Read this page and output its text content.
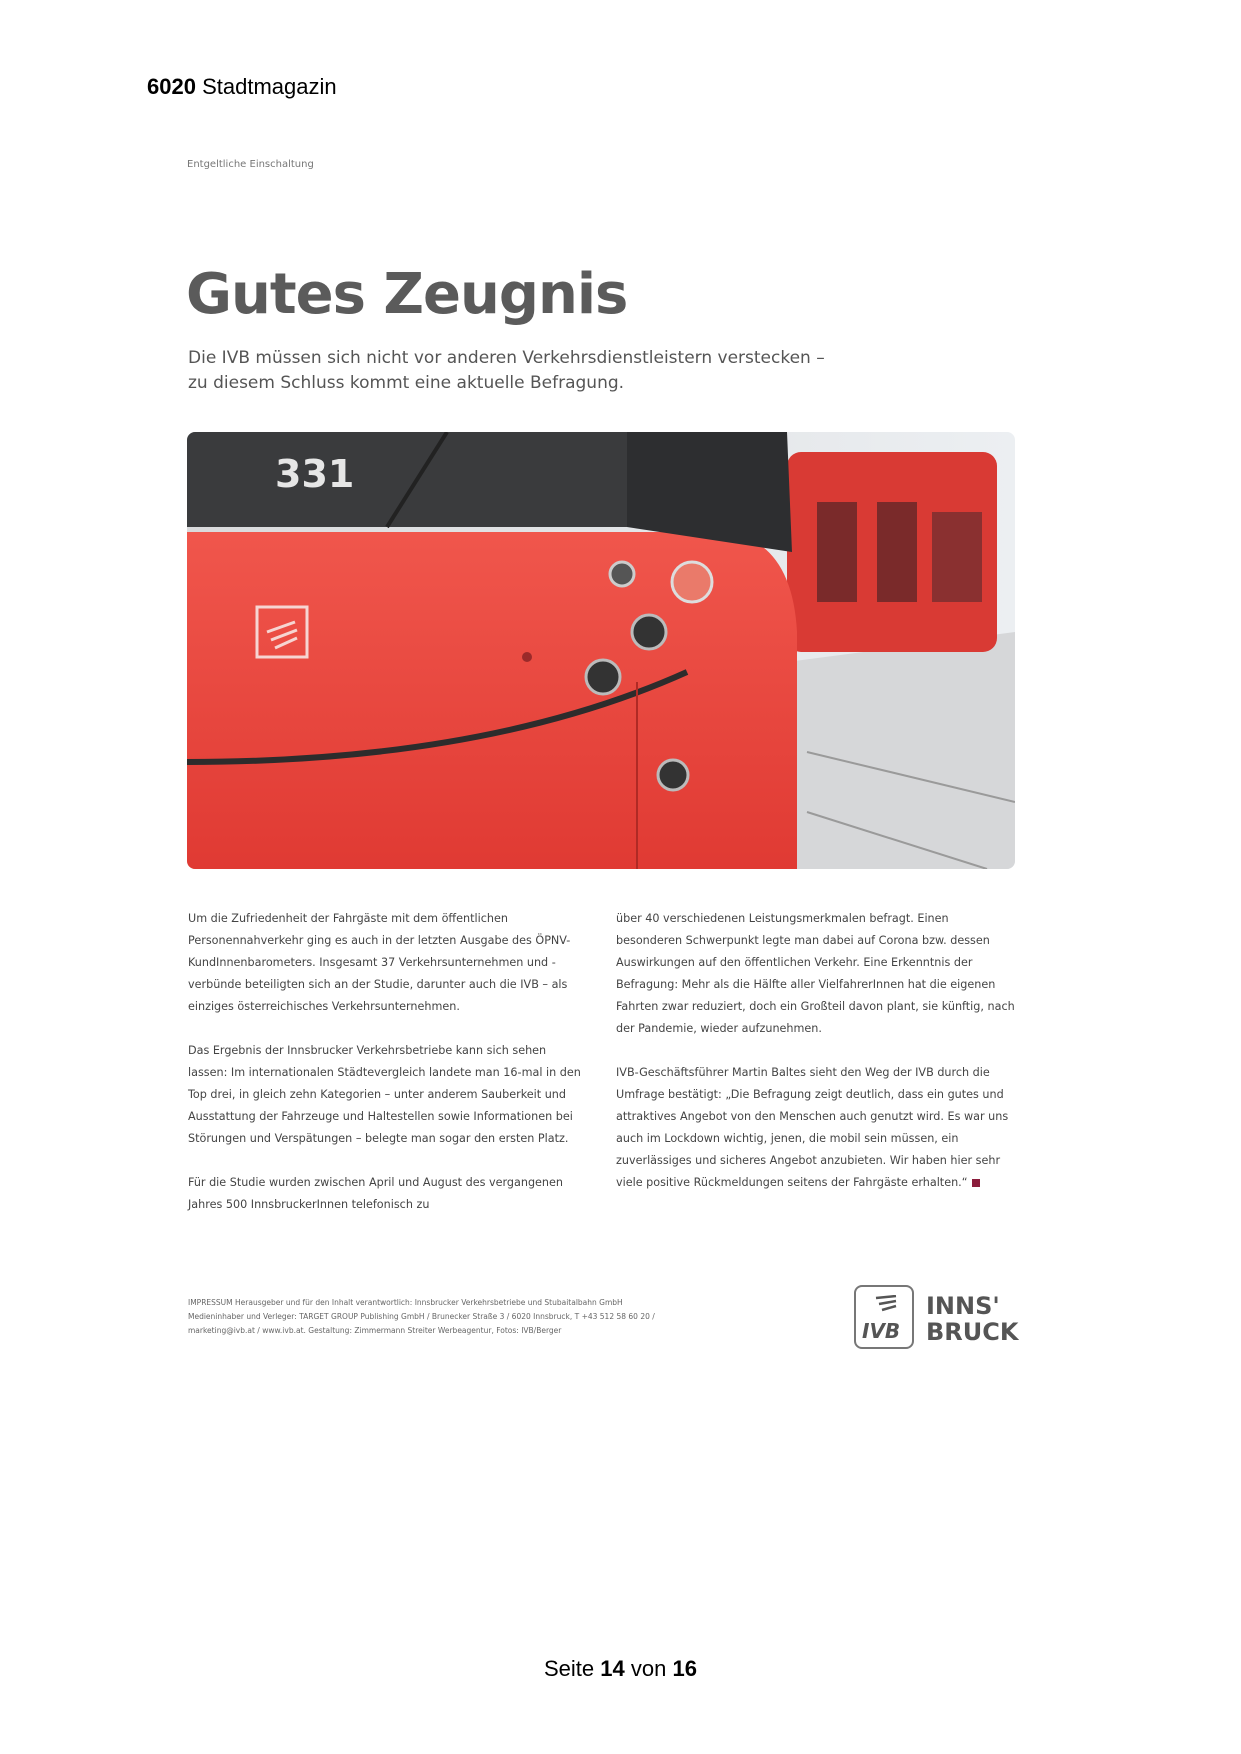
6020 Stadtmagazin
Entgeltliche Einschaltung
Gutes Zeugnis
Die IVB müssen sich nicht vor anderen Verkehrsdienstleistern verstecken –
zu diesem Schluss kommt eine aktuelle Befragung.
331

Um die Zufriedenheit der Fahrgäste mit dem öffentlichen Personennahverkehr ging es auch in der letzten Ausgabe des ÖPNV-KundInnenbarometers. Insgesamt 37 Verkehrsunternehmen und -verbünde beteiligten sich an der Studie, darunter auch die IVB – als einziges österreichisches Verkehrsunternehmen.

Das Ergebnis der Innsbrucker Verkehrsbetriebe kann sich sehen lassen: Im internationalen Städtevergleich landete man 16-mal in den Top drei, in gleich zehn Kategorien – unter anderem Sauberkeit und Ausstattung der Fahrzeuge und Haltestellen sowie Informationen bei Störungen und Verspätungen – belegte man sogar den ersten Platz.

Für die Studie wurden zwischen April und August des vergangenen Jahres 500 InnsbruckerInnen telefonisch zu

über 40 verschiedenen Leistungsmerkmalen befragt. Einen besonderen Schwerpunkt legte man dabei auf Corona bzw. dessen Auswirkungen auf den öffentlichen Verkehr. Eine Erkenntnis der Befragung: Mehr als die Hälfte aller VielfahrerInnen hat die eigenen Fahrten zwar reduziert, doch ein Großteil davon plant, sie künftig, nach der Pandemie, wieder aufzunehmen.

IVB-Geschäftsführer Martin Baltes sieht den Weg der IVB durch die Umfrage bestätigt: „Die Befragung zeigt deutlich, dass ein gutes und attraktives Angebot von den Menschen auch genutzt wird. Es war uns auch im Lockdown wichtig, jenen, die mobil sein müssen, ein zuverlässiges und sicheres Angebot anzubieten. Wir haben hier sehr viele positive Rückmeldungen seitens der Fahrgäste erhalten.“

IMPRESSUM Herausgeber und für den Inhalt verantwortlich: Innsbrucker Verkehrsbetriebe und Stubaitalbahn GmbH
Medieninhaber und Verleger: TARGET GROUP Publishing GmbH / Brunecker Straße 3 / 6020 Innsbruck, T +43 512 58 60 20 /
marketing@ivb.at / www.ivb.at. Gestaltung: Zimmermann Streiter Werbeagentur, Fotos: IVB/Berger	IVB
INNS'
BRUCK
Seite 14 von 16
